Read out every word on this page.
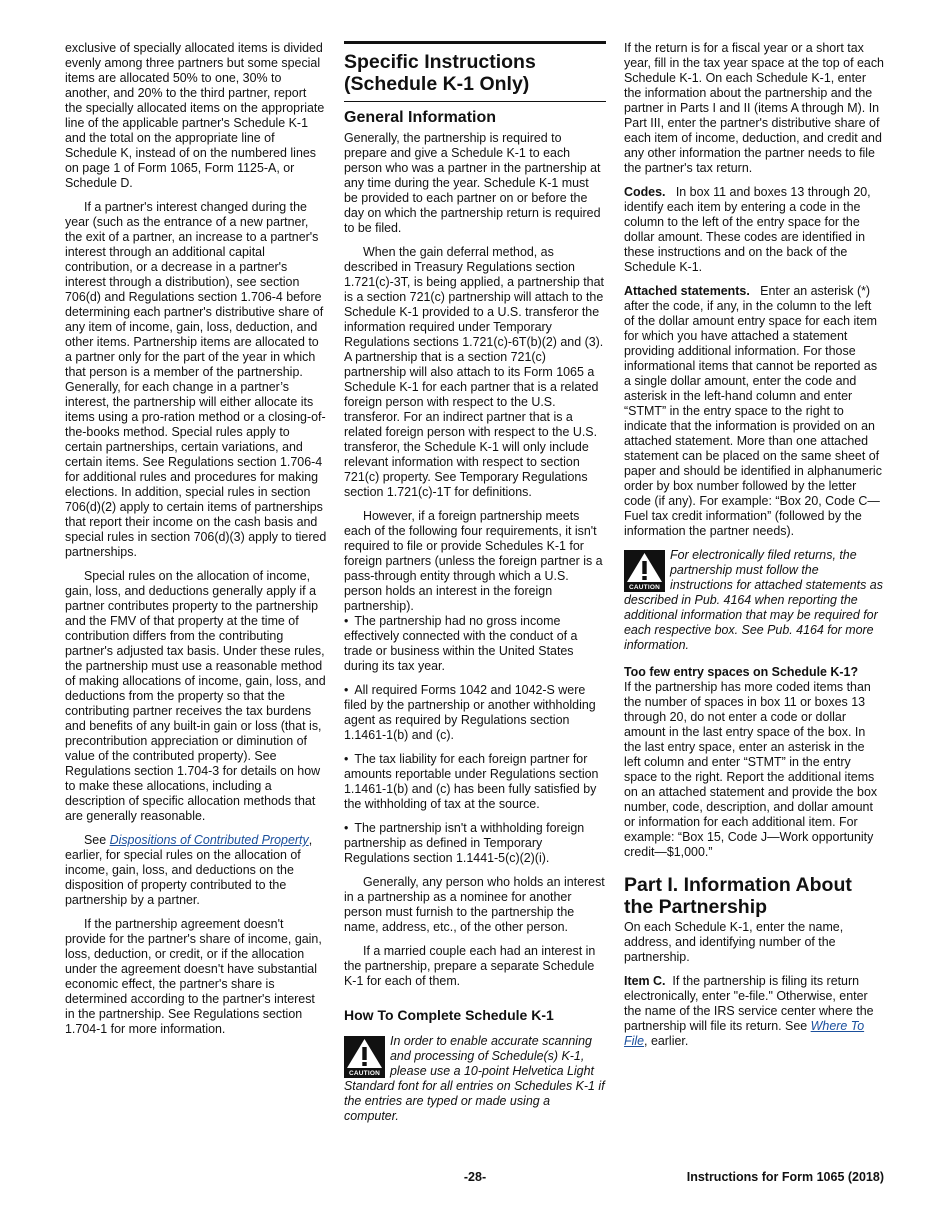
exclusive of specially allocated items is divided evenly among three partners but some special items are allocated 50% to one, 30% to another, and 20% to the third partner, report the specially allocated items on the appropriate line of the applicable partner's Schedule K-1 and the total on the appropriate line of Schedule K, instead of on the numbered lines on page 1 of Form 1065, Form 1125-A, or Schedule D.

If a partner's interest changed during the year (such as the entrance of a new partner, the exit of a partner, an increase to a partner's interest through an additional capital contribution, or a decrease in a partner's interest through a distribution), see section 706(d) and Regulations section 1.706-4 before determining each partner's distributive share of any item of income, gain, loss, deduction, and other items. Partnership items are allocated to a partner only for the part of the year in which that person is a member of the partnership. Generally, for each change in a partner’s interest, the partnership will either allocate its items using a pro-ration method or a closing-of-the-books method. Special rules apply to certain partnerships, certain variations, and certain items. See Regulations section 1.706-4 for additional rules and procedures for making elections. In addition, special rules in section 706(d)(2) apply to certain items of partnerships that report their income on the cash basis and special rules in section 706(d)(3) apply to tiered partnerships.

Special rules on the allocation of income, gain, loss, and deductions generally apply if a partner contributes property to the partnership and the FMV of that property at the time of contribution differs from the contributing partner's adjusted tax basis. Under these rules, the partnership must use a reasonable method of making allocations of income, gain, loss, and deductions from the property so that the contributing partner receives the tax burdens and benefits of any built-in gain or loss (that is, precontribution appreciation or diminution of value of the contributed property). See Regulations section 1.704-3 for details on how to make these allocations, including a description of specific allocation methods that are generally reasonable.

See Dispositions of Contributed Property, earlier, for special rules on the allocation of income, gain, loss, and deductions on the disposition of property contributed to the partnership by a partner.

If the partnership agreement doesn't provide for the partner's share of income, gain, loss, deduction, or credit, or if the allocation under the agreement doesn't have substantial economic effect, the partner's share is determined according to the partner's interest in the partnership. See Regulations section 1.704-1 for more information.

Specific Instructions (Schedule K-1 Only)
General Information

Generally, the partnership is required to prepare and give a Schedule K-1 to each person who was a partner in the partnership at any time during the year. Schedule K-1 must be provided to each partner on or before the day on which the partnership return is required to be filed.

When the gain deferral method, as described in Treasury Regulations section 1.721(c)-3T, is being applied, a partnership that is a section 721(c) partnership will attach to the Schedule K-1 provided to a U.S. transferor the information required under Temporary Regulations sections 1.721(c)-6T(b)(2) and (3). A partnership that is a section 721(c) partnership will also attach to its Form 1065 a Schedule K-1 for each partner that is a related foreign person with respect to the U.S. transferor. For an indirect partner that is a related foreign person with respect to the U.S. transferor, the Schedule K-1 will only include relevant information with respect to section 721(c) property. See Temporary Regulations section 1.721(c)-1T for definitions.

However, if a foreign partnership meets each of the following four requirements, it isn't required to file or provide Schedules K-1 for foreign partners (unless the foreign partner is a pass-through entity through which a U.S. person holds an interest in the foreign partnership).

• The partnership had no gross income effectively connected with the conduct of a trade or business within the United States during its tax year.

• All required Forms 1042 and 1042-S were filed by the partnership or another withholding agent as required by Regulations section 1.1461-1(b) and (c).

• The tax liability for each foreign partner for amounts reportable under Regulations section 1.1461-1(b) and (c) has been fully satisfied by the withholding of tax at the source.

• The partnership isn't a withholding foreign partnership as defined in Temporary Regulations section 1.1441-5(c)(2)(i).

Generally, any person who holds an interest in a partnership as a nominee for another person must furnish to the partnership the name, address, etc., of the other person.

If a married couple each had an interest in the partnership, prepare a separate Schedule K-1 for each of them.

How To Complete Schedule K-1
CAUTION
In order to enable accurate scanning and processing of Schedule(s) K-1, please use a 10-point Helvetica Light Standard font for all entries on Schedules K-1 if the entries are typed or made using a computer.

If the return is for a fiscal year or a short tax year, fill in the tax year space at the top of each Schedule K-1. On each Schedule K-1, enter the information about the partnership and the partner in Parts I and II (items A through M). In Part III, enter the partner's distributive share of each item of income, deduction, and credit and any other information the partner needs to file the partner's tax return.

Codes. In box 11 and boxes 13 through 20, identify each item by entering a code in the column to the left of the entry space for the dollar amount. These codes are identified in these instructions and on the back of the Schedule K-1.

Attached statements. Enter an asterisk (*) after the code, if any, in the column to the left of the dollar amount entry space for each item for which you have attached a statement providing additional information. For those informational items that cannot be reported as a single dollar amount, enter the code and asterisk in the left-hand column and enter “STMT” in the entry space to the right to indicate that the information is provided on an attached statement. More than one attached statement can be placed on the same sheet of paper and should be identified in alphanumeric order by box number followed by the letter code (if any). For example: “Box 20, Code C—Fuel tax credit information” (followed by the information the partner needs).

CAUTION
For electronically filed returns, the partnership must follow the instructions for attached statements as described in Pub. 4164 when reporting the additional information that may be required for each respective box. See Pub. 4164 for more information.

Too few entry spaces on Schedule K-1?
If the partnership has more coded items than the number of spaces in box 11 or boxes 13 through 20, do not enter a code or dollar amount in the last entry space of the box. In the last entry space, enter an asterisk in the left column and enter “STMT” in the entry space to the right. Report the additional items on an attached statement and provide the box number, code, description, and dollar amount or information for each additional item. For example: “Box 15, Code J—Work opportunity credit—$1,000.”

Part I. Information About the Partnership

On each Schedule K-1, enter the name, address, and identifying number of the partnership.

Item C. If the partnership is filing its return electronically, enter "e-file." Otherwise, enter the name of the IRS service center where the partnership will file its return. See Where To File, earlier.

-28-	Instructions for Form 1065 (2018)
